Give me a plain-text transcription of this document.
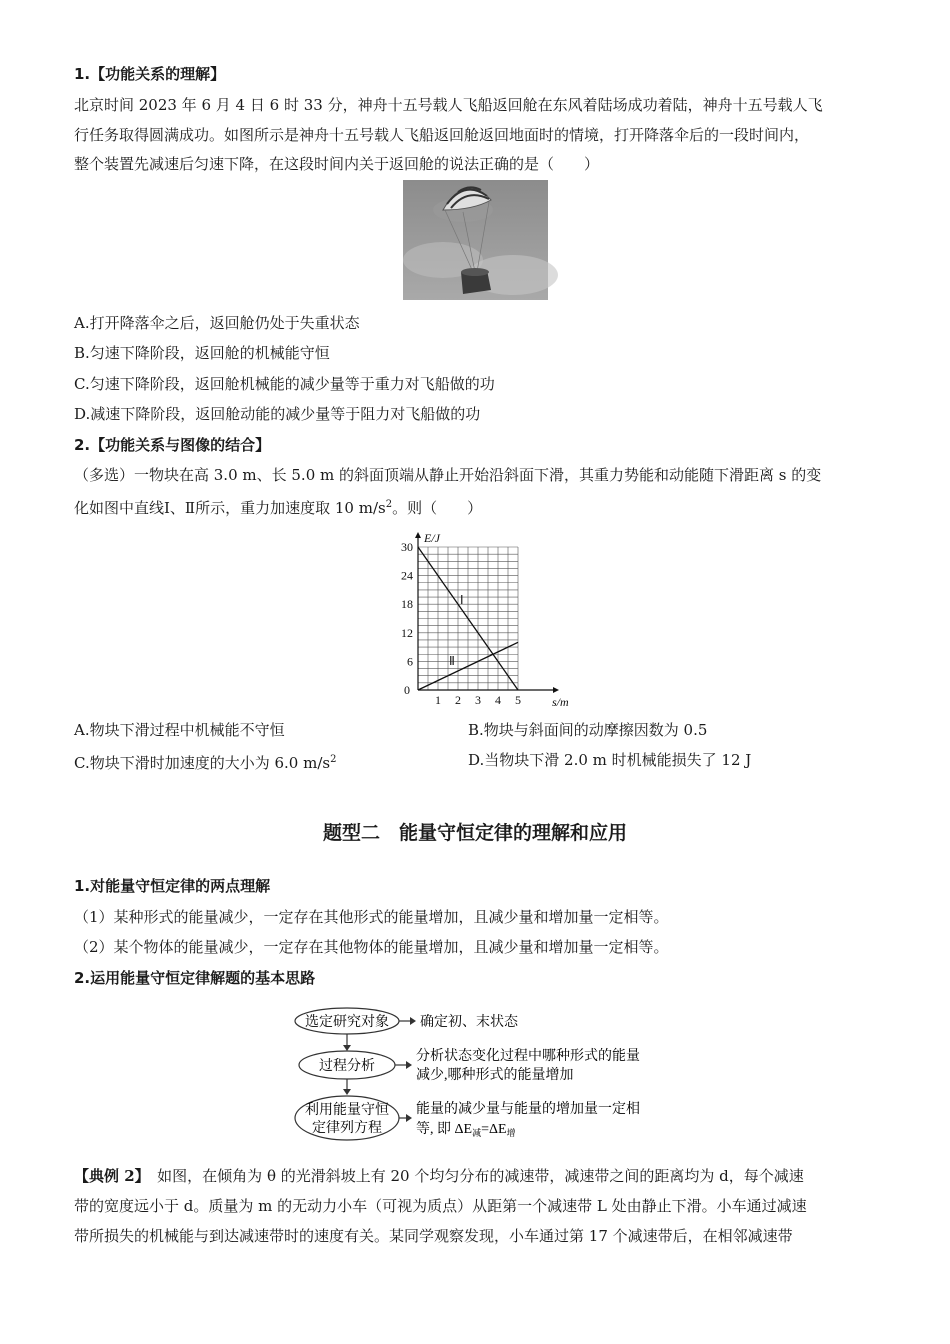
1.【功能关系的理解】
北京时间 2023 年 6 月 4 日 6 时 33 分，神舟十五号载人飞船返回舱在东风着陆场成功着陆，神舟十五号载人飞
行任务取得圆满成功。如图所示是神舟十五号载人飞船返回舱返回地面时的情境，打开降落伞后的一段时间内，
整个装置先减速后匀速下降，在这段时间内关于返回舱的说法正确的是（　　）
A.打开降落伞之后，返回舱仍处于失重状态
B.匀速下降阶段，返回舱的机械能守恒
C.匀速下降阶段，返回舱机械能的减少量等于重力对飞船做的功
D.减速下降阶段，返回舱动能的减少量等于阻力对飞船做的功
2.【功能关系与图像的结合】
（多选）一物块在高 3.0 m、长 5.0 m 的斜面顶端从静止开始沿斜面下滑，其重力势能和动能随下滑距离 s 的变
化如图中直线Ⅰ、Ⅱ所示，重力加速度取 10 $m/s^2$。则（　　）
1 2 3 4 5
6
12
18
24
30
0
s/m
E/J
Ⅰ
Ⅱ
A.物块下滑过程中机械能不守恒	B.物块与斜面间的动摩擦因数为 0.5
C.物块下滑时加速度的大小为 6.0 $m/s^2$	D.当物块下滑 2.0 m 时机械能损失了 12 J
题型二　能量守恒定律的理解和应用
1.对能量守恒定律的两点理解
（1）某种形式的能量减少，一定存在其他形式的能量增加，且减少量和增加量一定相等。
（2）某个物体的能量减少，一定存在其他物体的能量增加，且减少量和增加量一定相等。
2.运用能量守恒定律解题的基本思路
选定研究对象 确定初、末状态
过程分析
分析状态变化过程中哪种形式的能量
减少,哪种形式的能量增加
利用能量守恒
定律列方程
能量的减少量与能量的增加量一定相
等, 即 $\Delta E_减=\Delta E_增$
【典例 2】　如图，在倾角为 θ 的光滑斜坡上有 20 个均匀分布的减速带，减速带之间的距离均为 d，每个减速
带的宽度远小于 d。质量为 m 的无动力小车（可视为质点）从距第一个减速带 L 处由静止下滑。小车通过减速
带所损失的机械能与到达减速带时的速度有关。某同学观察发现，小车通过第 17 个减速带后，在相邻减速带
